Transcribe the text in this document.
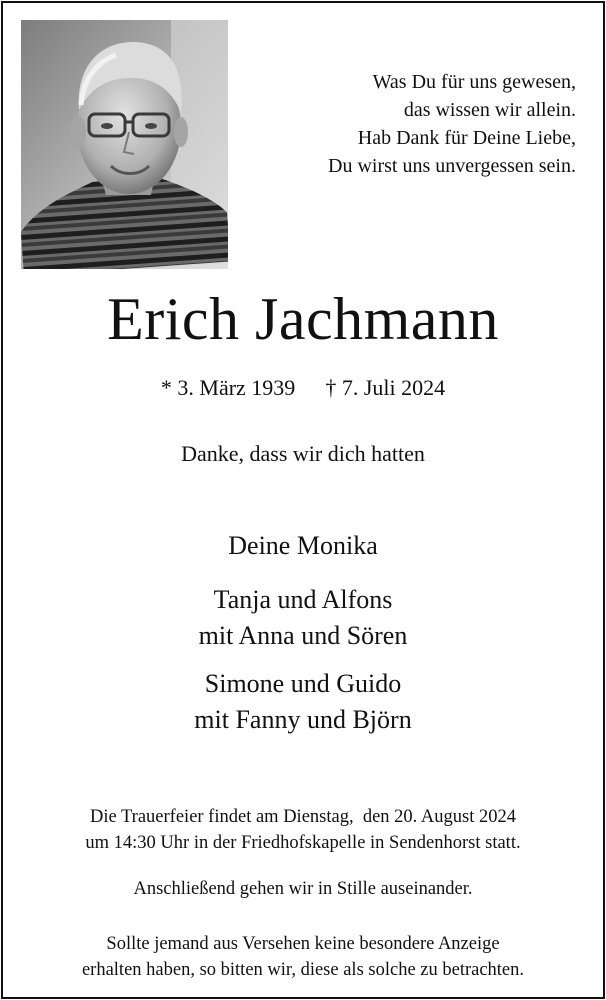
Was Du für uns gewesen,
das wissen wir allein.
Hab Dank für Deine Liebe,
Du wirst uns unvergessen sein.
Erich Jachmann
* 3. März 1939 † 7. Juli 2024
Danke, dass wir dich hatten
Deine Monika
Tanja und Alfons
mit Anna und Sören
Simone und Guido
mit Fanny und Björn
Die Trauerfeier findet am Dienstag,  den 20. August 2024
um 14:30 Uhr in der Friedhofskapelle in Sendenhorst statt.
Anschließend gehen wir in Stille auseinander.
Sollte jemand aus Versehen keine besondere Anzeige
erhalten haben, so bitten wir, diese als solche zu betrachten.
